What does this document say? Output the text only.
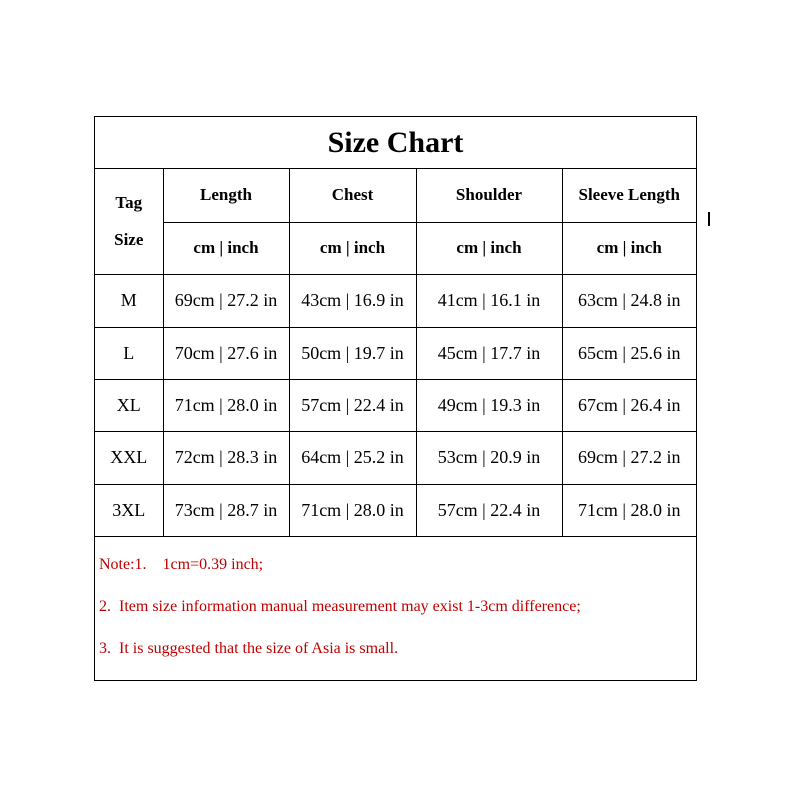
Size Chart
Tag
Size	Length	Chest	Shoulder	Sleeve Length
	cm | inch	cm | inch	cm | inch	cm | inch
M	69cm | 27.2 in	43cm | 16.9 in	41cm | 16.1 in	63cm | 24.8 in
L	70cm | 27.6 in	50cm | 19.7 in	45cm | 17.7 in	65cm | 25.6 in
XL	71cm | 28.0 in	57cm | 22.4 in	49cm | 19.3 in	67cm | 26.4 in
XXL	72cm | 28.3 in	64cm | 25.2 in	53cm | 20.9 in	69cm | 27.2 in
3XL	73cm | 28.7 in	71cm | 28.0 in	57cm | 22.4 in	71cm | 28.0 in
Note:1.    1cm=0.39 inch;
2.  Item size information manual measurement may exist 1-3cm difference;
3.  It is suggested that the size of Asia is small.
